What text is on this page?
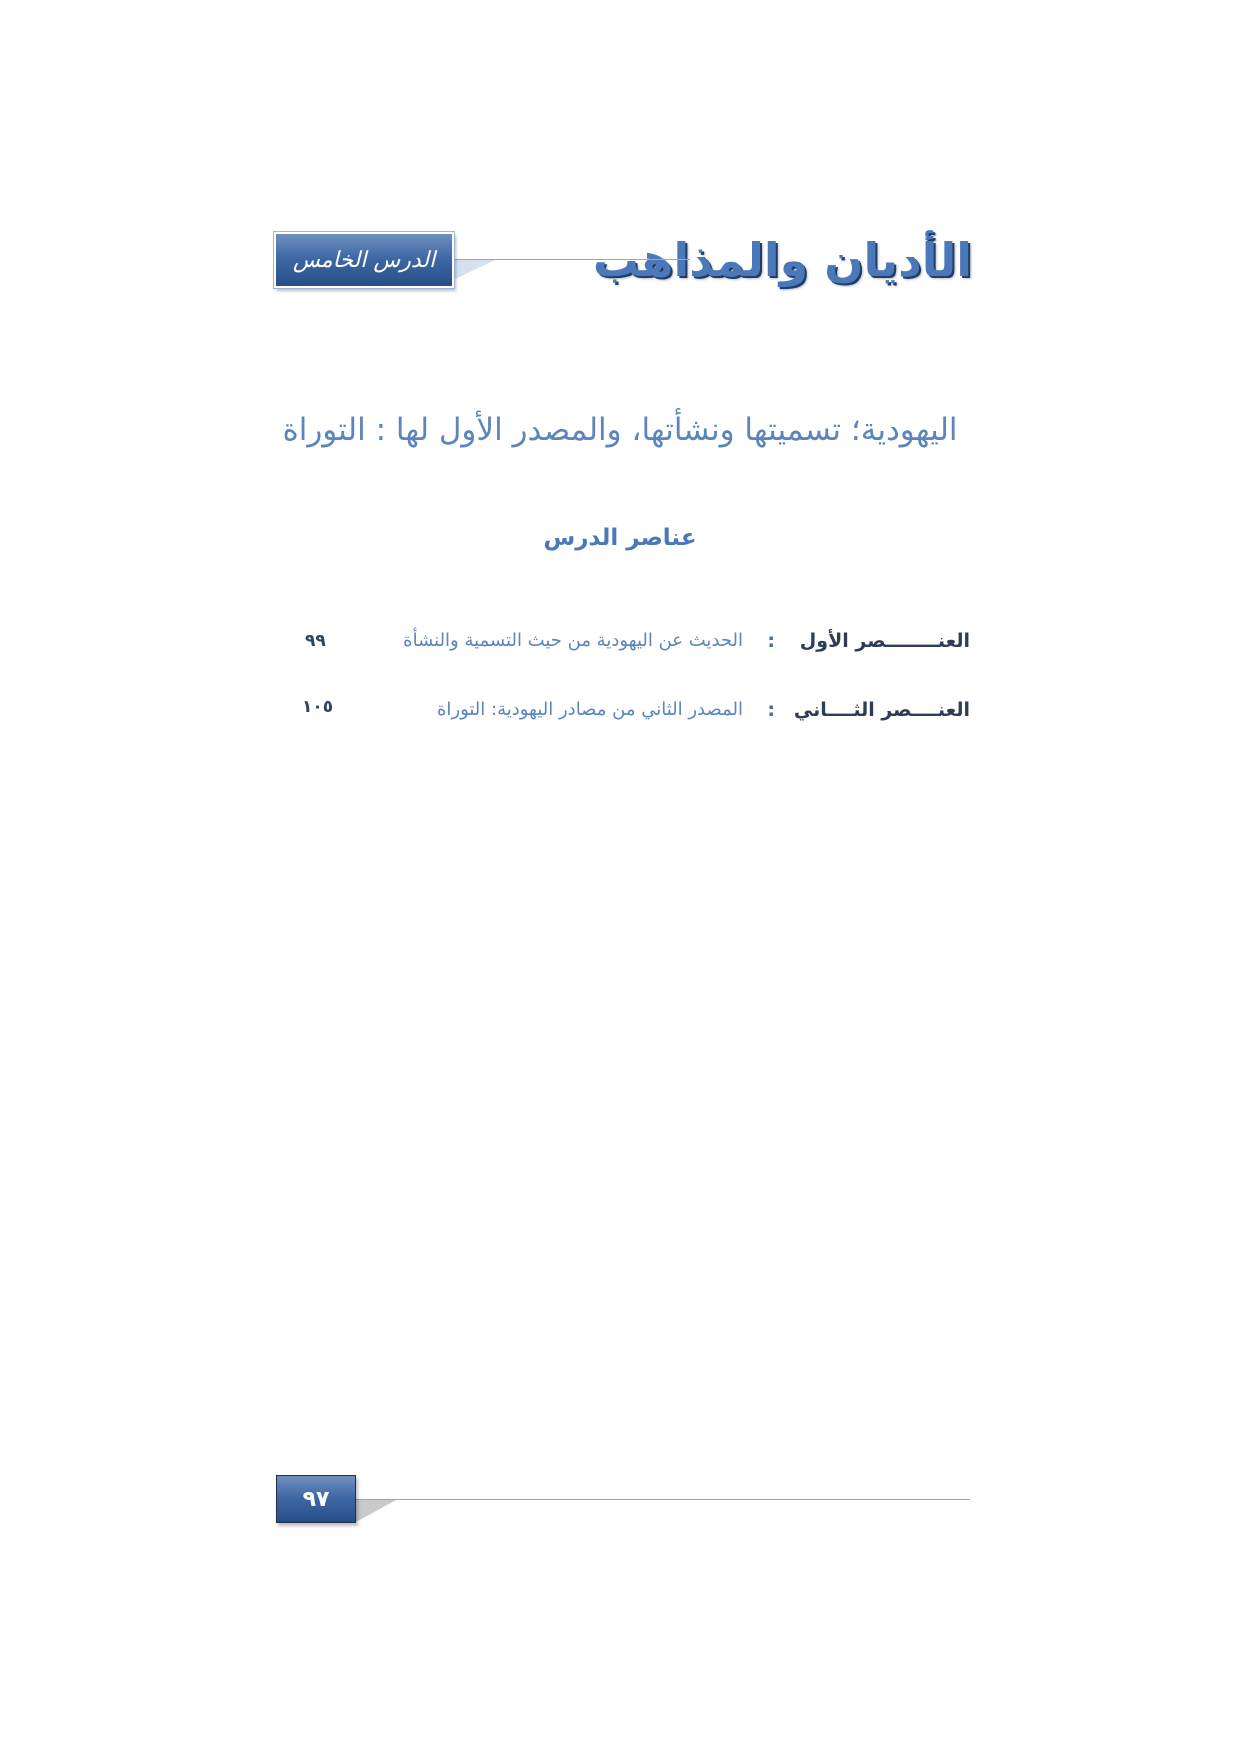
الأديان والمذاهب
الدرس الخامس
اليهودية؛ تسميتها ونشأتها، والمصدر الأول لها : التوراة
عناصر الدرس
العنــــــــصر الأول
:
الحديث عن اليهودية من حيث التسمية والنشأة
٩٩
العنــــصر الثــــاني
:
المصدر الثاني من مصادر اليهودية: التوراة
١٠٥
٩٧
